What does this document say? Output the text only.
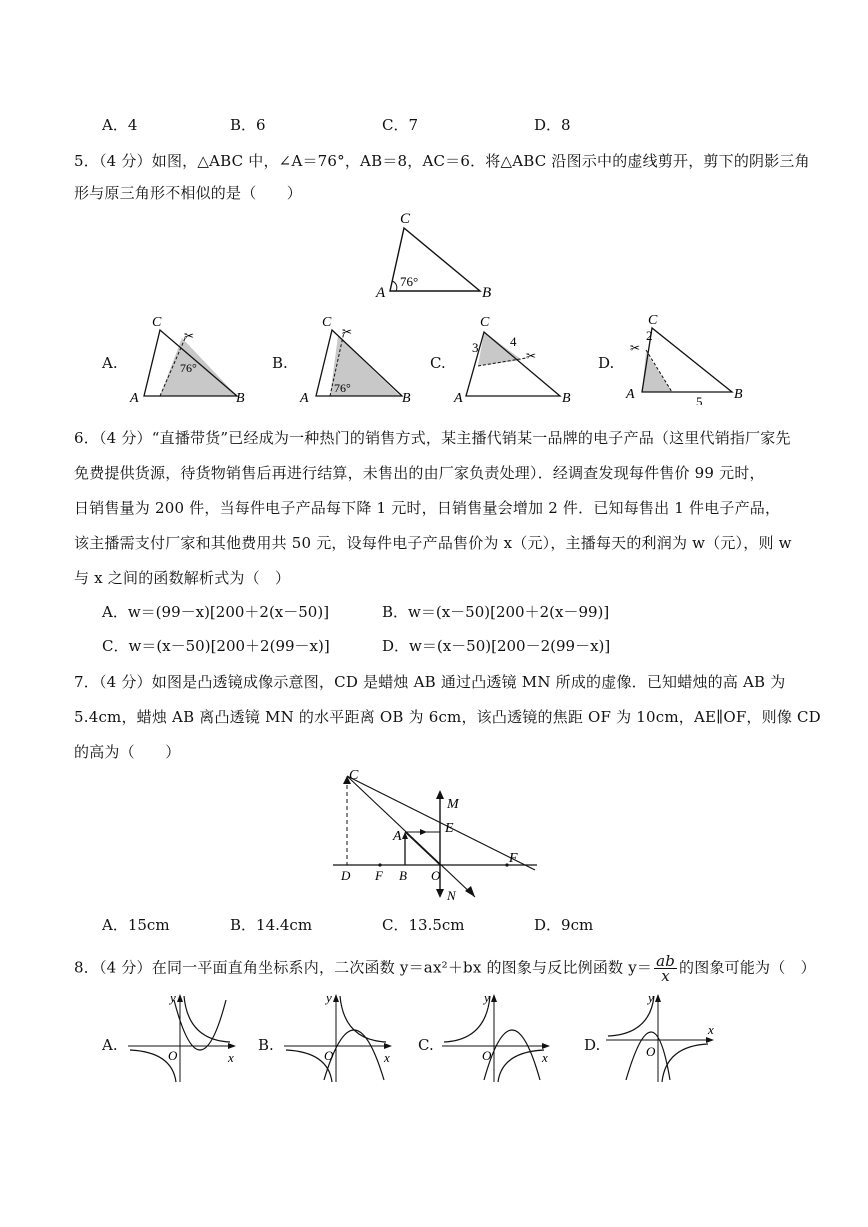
A．4	B．6	C．7	D．8
5．（4 分）如图，△ABC 中，∠A＝76°，AB＝8，AC＝6．将△ABC 沿图示中的虚线剪开，剪下的阴影三角
形与原三角形不相似的是（　　）
C
A	B
76°
A.
C
A	B
76°
✂
B.
C
A	B
76°
✂
C.
C
A	B
3 4
✂	D.
C
A	B
2
5
✂
6．（4 分）“直播带货”已经成为一种热门的销售方式，某主播代销某一品牌的电子产品（这里代销指厂家先
免费提供货源，待货物销售后再进行结算，未售出的由厂家负责处理）．经调查发现每件售价 99 元时，
日销售量为 200 件，当每件电子产品每下降 1 元时，日销售量会增加 2 件．已知每售出 1 件电子产品，
该主播需支付厂家和其他费用共 50 元，设每件电子产品售价为 x（元），主播每天的利润为 w（元），则 w
与 x 之间的函数解析式为（　）
A．w＝(99－x)[200＋2(x－50)]	B．w＝(x－50)[200＋2(x－99)]
C．w＝(x－50)[200＋2(99－x)]	D．w＝(x－50)[200－2(99－x)]
7．（4 分）如图是凸透镜成像示意图，CD 是蜡烛 AB 通过凸透镜 MN 所成的虚像．已知蜡烛的高 AB 为
5.4cm，蜡烛 AB 离凸透镜 MN 的水平距离 OB 为 6cm，该凸透镜的焦距 OF 为 10cm，AE∥OF，则像 CD
的高为（　　）
C
M
A
E
F
D F B O
N
A．15cm	B．14.4cm	C．13.5cm	D．9cm
8．（4 分）在同一平面直角坐标系内，二次函数 y＝ax²＋bx 的图象与反比例函数 $y= \frac{ab}{x}$ 的图象可能为（　）
A.
y
x
O
B.
y
x
O
C.
y
x
O
D.
y
x
O
